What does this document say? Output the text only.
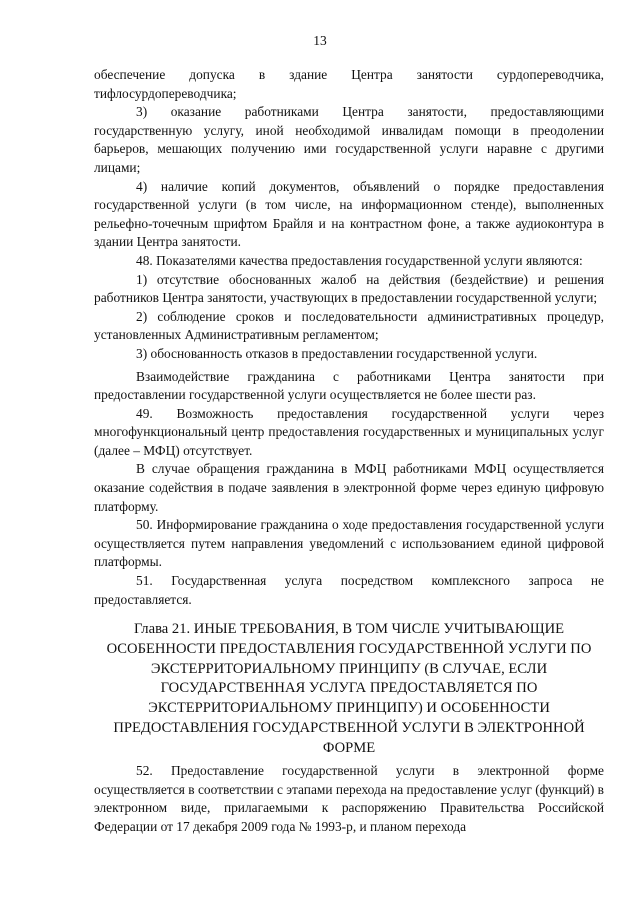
13

обеспечение допуска в здание Центра занятости сурдопереводчика, тифлосурдопереводчика;

3) оказание работниками Центра занятости, предоставляющими государственную услугу, иной необходимой инвалидам помощи в преодолении барьеров, мешающих получению ими государственной услуги наравне с другими лицами;

4) наличие копий документов, объявлений о порядке предоставления государственной услуги (в том числе, на информационном стенде), выполненных рельефно-точечным шрифтом Брайля и на контрастном фоне, а также аудиоконтура в здании Центра занятости.

48. Показателями качества предоставления государственной услуги являются:

1) отсутствие обоснованных жалоб на действия (бездействие) и решения работников Центра занятости, участвующих в предоставлении государственной услуги;

2) соблюдение сроков и последовательности административных процедур, установленных Административным регламентом;

3) обоснованность отказов в предоставлении государственной услуги.

Взаимодействие гражданина с работниками Центра занятости при предоставлении государственной услуги осуществляется не более шести раз.

49. Возможность предоставления государственной услуги через многофункциональный центр предоставления государственных и муниципальных услуг (далее – МФЦ) отсутствует.

В случае обращения гражданина в МФЦ работниками МФЦ осуществляется оказание содействия в подаче заявления в электронной форме через единую цифровую платформу.

50. Информирование гражданина о ходе предоставления государственной услуги осуществляется путем направления уведомлений с использованием единой цифровой платформы.

51. Государственная услуга посредством комплексного запроса не предоставляется.

Глава 21. ИНЫЕ ТРЕБОВАНИЯ, В ТОМ ЧИСЛЕ УЧИТЫВАЮЩИЕ ОСОБЕННОСТИ ПРЕДОСТАВЛЕНИЯ ГОСУДАРСТВЕННОЙ УСЛУГИ ПО ЭКСТЕРРИТОРИАЛЬНОМУ ПРИНЦИПУ (В СЛУЧАЕ, ЕСЛИ ГОСУДАРСТВЕННАЯ УСЛУГА ПРЕДОСТАВЛЯЕТСЯ ПО ЭКСТЕРРИТОРИАЛЬНОМУ ПРИНЦИПУ) И ОСОБЕННОСТИ ПРЕДОСТАВЛЕНИЯ ГОСУДАРСТВЕННОЙ УСЛУГИ В ЭЛЕКТРОННОЙ ФОРМЕ

52. Предоставление государственной услуги в электронной форме осуществляется в соответствии с этапами перехода на предоставление услуг (функций) в электронном виде, прилагаемыми к распоряжению Правительства Российской Федерации от 17 декабря 2009 года № 1993-р, и планом перехода
